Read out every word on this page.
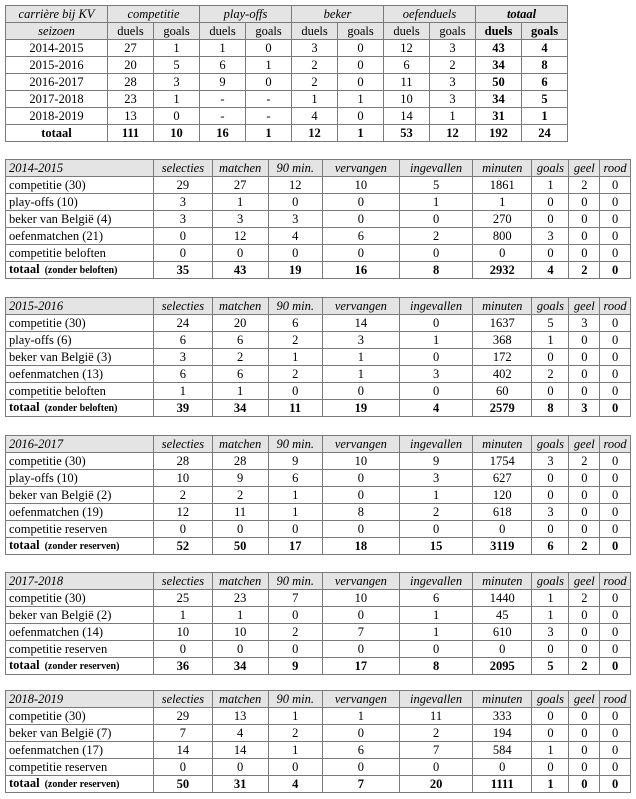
carrière bij KV	competitie		play-offs		beker		oefenduels		totaal	
seizoen	duels	goals	duels	goals	duels	goals	duels	goals	duels	goals
2014-2015	27	1	1	0	3	0	12	3	43	4
2015-2016	20	5	6	1	2	0	6	2	34	8
2016-2017	28	3	9	0	2	0	11	3	50	6
2017-2018	23	1	-	-	1	1	10	3	34	5
2018-2019	13	0	-	-	4	0	14	1	31	1
totaal	111	10	16	1	12	1	53	12	192	24
2014-2015	selecties	matchen	90 min.	vervangen	ingevallen	minuten	goals	geel	rood
competitie (30)	29	27	12	10	5	1861	1	2	0
play-offs (10)	3	1	0	0	1	1	0	0	0
beker van België (4)	3	3	3	0	0	270	0	0	0
oefenmatchen (21)	0	12	4	6	2	800	3	0	0
competitie beloften	0	0	0	0	0	0	0	0	0
totaal (zonder beloften)	35	43	19	16	8	2932	4	2	0
2015-2016	selecties	matchen	90 min.	vervangen	ingevallen	minuten	goals	geel	rood
competitie (30)	24	20	6	14	0	1637	5	3	0
play-offs (6)	6	6	2	3	1	368	1	0	0
beker van België (3)	3	2	1	1	0	172	0	0	0
oefenmatchen (13)	6	6	2	1	3	402	2	0	0
competitie beloften	1	1	0	0	0	60	0	0	0
totaal (zonder beloften)	39	34	11	19	4	2579	8	3	0
2016-2017	selecties	matchen	90 min.	vervangen	ingevallen	minuten	goals	geel	rood
competitie (30)	28	28	9	10	9	1754	3	2	0
play-offs (10)	10	9	6	0	3	627	0	0	0
beker van België (2)	2	2	1	0	1	120	0	0	0
oefenmatchen (19)	12	11	1	8	2	618	3	0	0
competitie reserven	0	0	0	0	0	0	0	0	0
totaal (zonder reserven)	52	50	17	18	15	3119	6	2	0
2017-2018	selecties	matchen	90 min.	vervangen	ingevallen	minuten	goals	geel	rood
competitie (30)	25	23	7	10	6	1440	1	2	0
beker van België (2)	1	1	0	0	1	45	1	0	0
oefenmatchen (14)	10	10	2	7	1	610	3	0	0
competitie reserven	0	0	0	0	0	0	0	0	0
totaal (zonder reserven)	36	34	9	17	8	2095	5	2	0
2018-2019	selecties	matchen	90 min.	vervangen	ingevallen	minuten	goals	geel	rood
competitie (30)	29	13	1	1	11	333	0	0	0
beker van België (7)	7	4	2	0	2	194	0	0	0
oefenmatchen (17)	14	14	1	6	7	584	1	0	0
competitie reserven	0	0	0	0	0	0	0	0	0
totaal (zonder reserven)	50	31	4	7	20	1111	1	0	0
